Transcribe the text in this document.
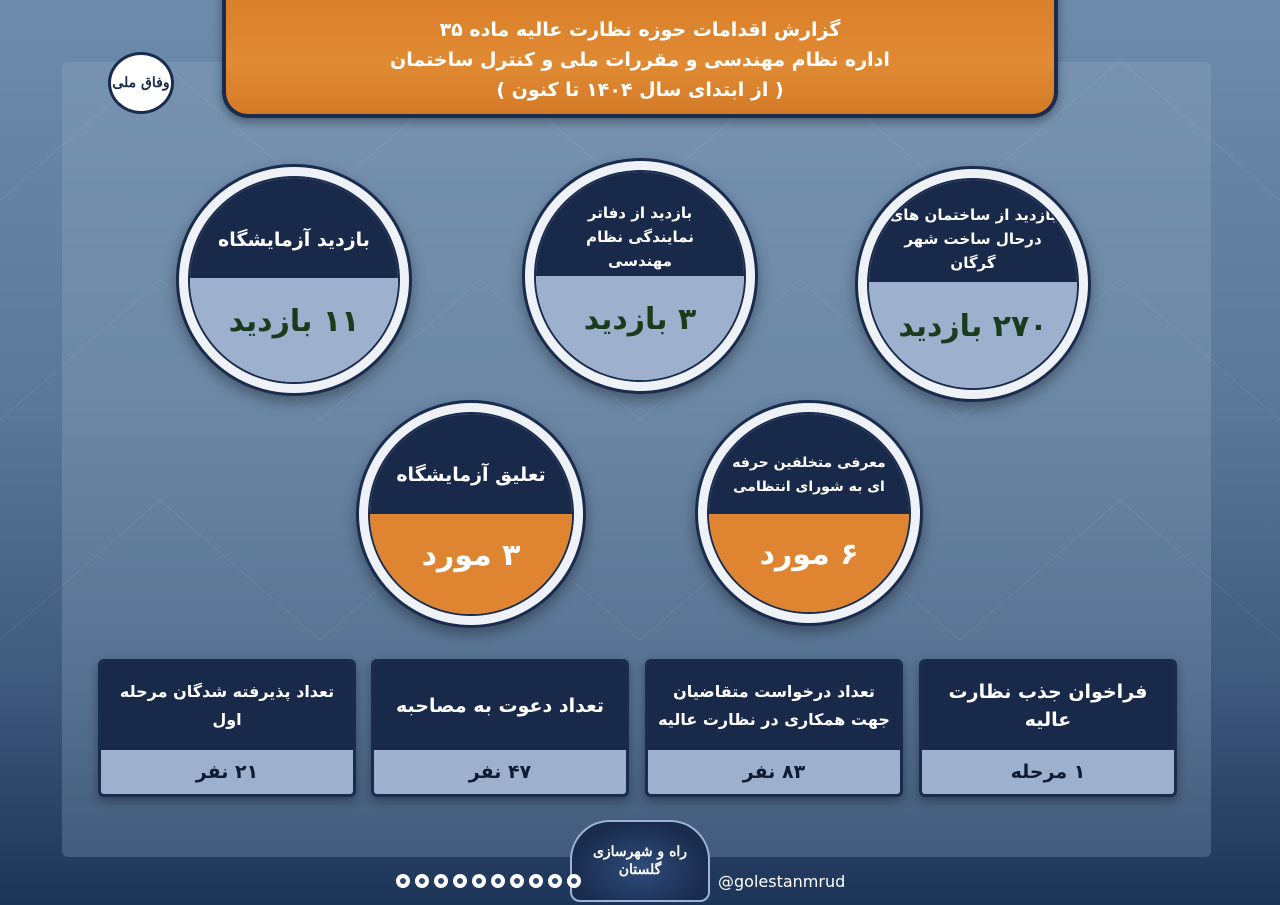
گزارش اقدامات حوزه نظارت عالیه ماده ۳۵
اداره نظام مهندسی و مقررات ملی و کنترل ساختمان
( از ابتدای سال ۱۴۰۴ تا کنون )
وفاق ملی
بازدید از ساختمان های درحال ساخت شهر گرگان
۲۷۰ بازدید
بازدید از دفاتر نمایندگی نظام مهندسی
۳ بازدید
بازدید آزمایشگاه
۱۱ بازدید
معرفی متخلفین حرفه ای به شورای انتظامی
۶ مورد
تعلیق آزمایشگاه
۳ مورد
فراخوان جذب نظارت عالیه
۱ مرحله
تعداد درخواست متقاضیان جهت همکاری در نظارت عالیه
۸۳ نفر
تعداد دعوت به مصاحبه
۴۷ نفر
تعداد پذیرفته شدگان مرحله اول
۲۱ نفر
راه و شهرسازی گلستان
@golestanmrud
